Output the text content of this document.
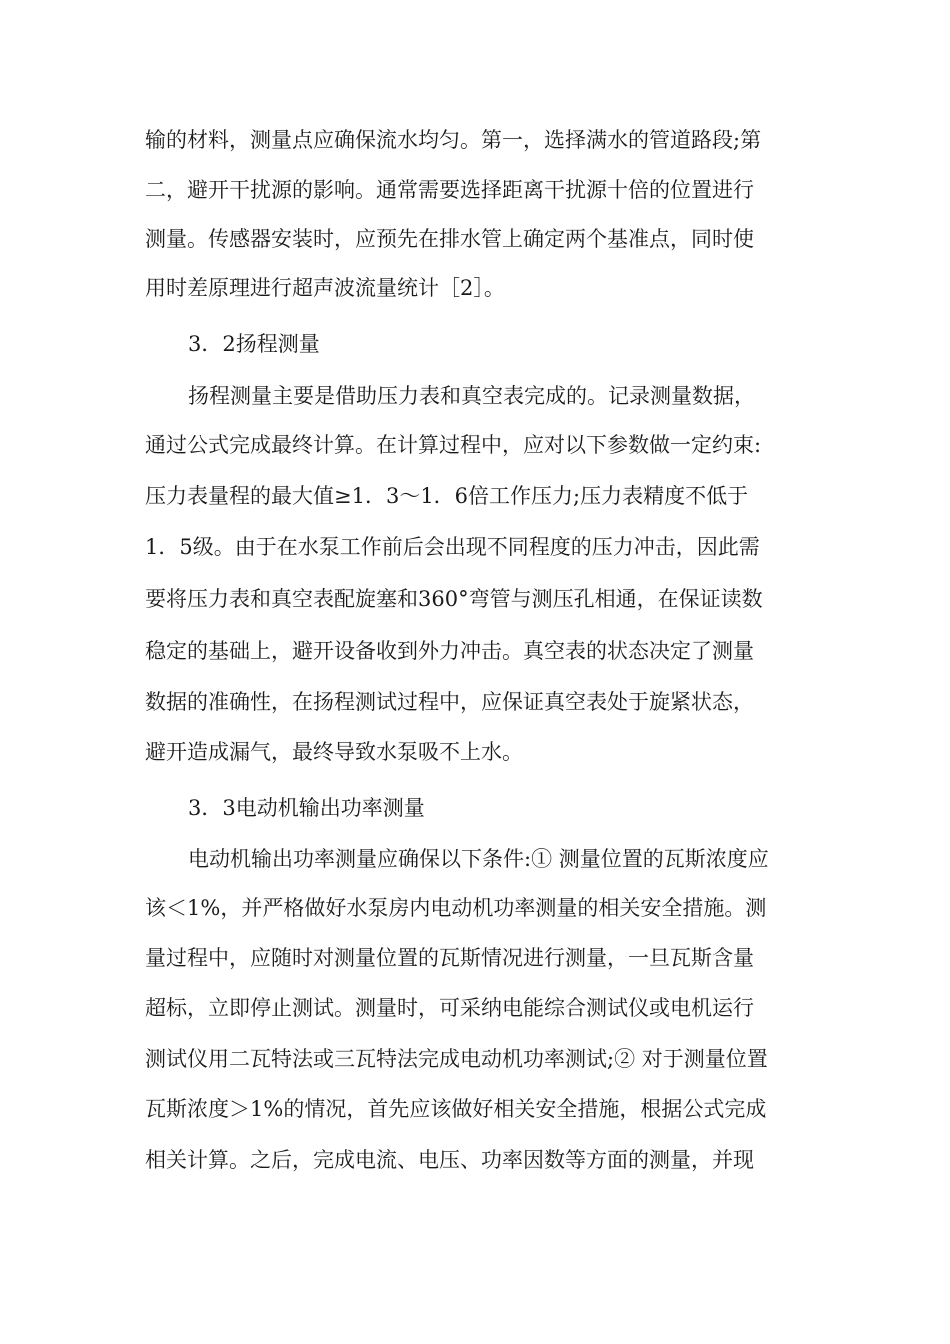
输的材料，测量点应确保流水均匀。第一，选择满水的管道路段;第
二，避开干扰源的影响。通常需要选择距离干扰源十倍的位置进行
测量。传感器安装时，应预先在排水管上确定两个基准点，同时使
用时差原理进行超声波流量统计［2］。
3．2扬程测量
扬程测量主要是借助压力表和真空表完成的。记录测量数据，
通过公式完成最终计算。在计算过程中，应对以下参数做一定约束:
压力表量程的最大值≥1．3～1．6倍工作压力;压力表精度不低于
1．5级。由于在水泵工作前后会出现不同程度的压力冲击，因此需
要将压力表和真空表配旋塞和360°弯管与测压孔相通，在保证读数
稳定的基础上，避开设备收到外力冲击。真空表的状态决定了测量
数据的准确性，在扬程测试过程中，应保证真空表处于旋紧状态，
避开造成漏气，最终导致水泵吸不上水。
3．3电动机输出功率测量
电动机输出功率测量应确保以下条件:① 测量位置的瓦斯浓度应
该＜1%，并严格做好水泵房内电动机功率测量的相关安全措施。测
量过程中，应随时对测量位置的瓦斯情况进行测量，一旦瓦斯含量
超标，立即停止测试。测量时，可采纳电能综合测试仪或电机运行
测试仪用二瓦特法或三瓦特法完成电动机功率测试;② 对于测量位置
瓦斯浓度＞1%的情况，首先应该做好相关安全措施，根据公式完成
相关计算。之后，完成电流、电压、功率因数等方面的测量，并现
